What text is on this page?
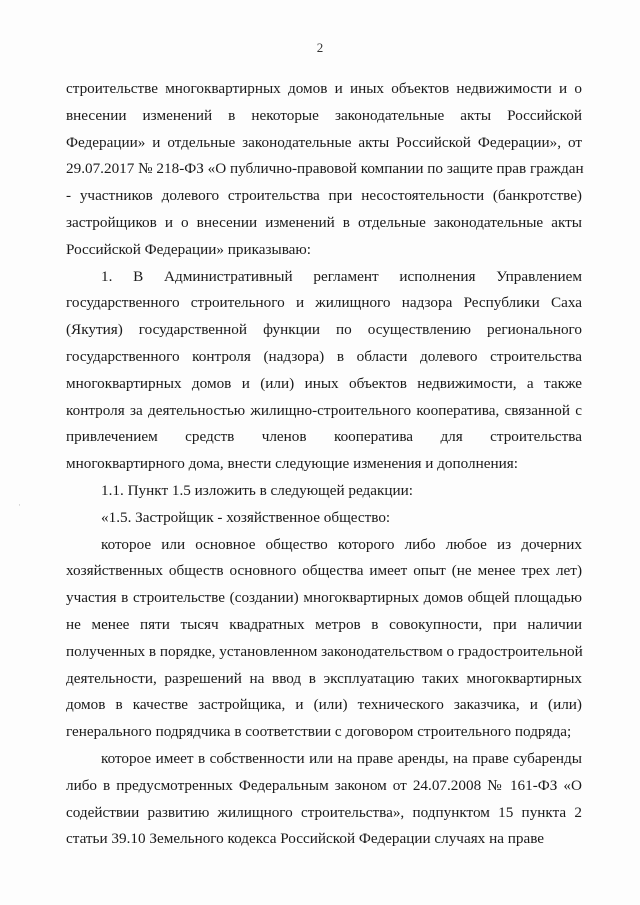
2
·

строительстве многоквартирных домов и иных объектов недвижимости и о
внесении изменений в некоторые законодательные акты Российской
Федерации» и отдельные законодательные акты Российской Федерации», от
29.07.2017 № 218-ФЗ «О публично-правовой компании по защите прав граждан
- участников долевого строительства при несостоятельности (банкротстве)
застройщиков и о внесении изменений в отдельные законодательные акты
Российской Федерации» приказываю:

1. В Административный регламент исполнения Управлением
государственного строительного и жилищного надзора Республики Саха
(Якутия) государственной функции по осуществлению регионального
государственного контроля (надзора) в области долевого строительства
многоквартирных домов и (или) иных объектов недвижимости, а также
контроля за деятельностью жилищно-строительного кооператива, связанной с
привлечением средств членов кооператива для строительства
многоквартирного дома, внести следующие изменения и дополнения:

1.1. Пункт 1.5 изложить в следующей редакции:

«1.5. Застройщик - хозяйственное общество:

которое или основное общество которого либо любое из дочерних
хозяйственных обществ основного общества имеет опыт (не менее трех лет)
участия в строительстве (создании) многоквартирных домов общей площадью
не менее пяти тысяч квадратных метров в совокупности, при наличии
полученных в порядке, установленном законодательством о градостроительной
деятельности, разрешений на ввод в эксплуатацию таких многоквартирных
домов в качестве застройщика, и (или) технического заказчика, и (или)
генерального подрядчика в соответствии с договором строительного подряда;

которое имеет в собственности или на праве аренды, на праве субаренды
либо в предусмотренных Федеральным законом от 24.07.2008 № 161-ФЗ «О
содействии развитию жилищного строительства», подпунктом 15 пункта 2
статьи 39.10 Земельного кодекса Российской Федерации случаях на праве
